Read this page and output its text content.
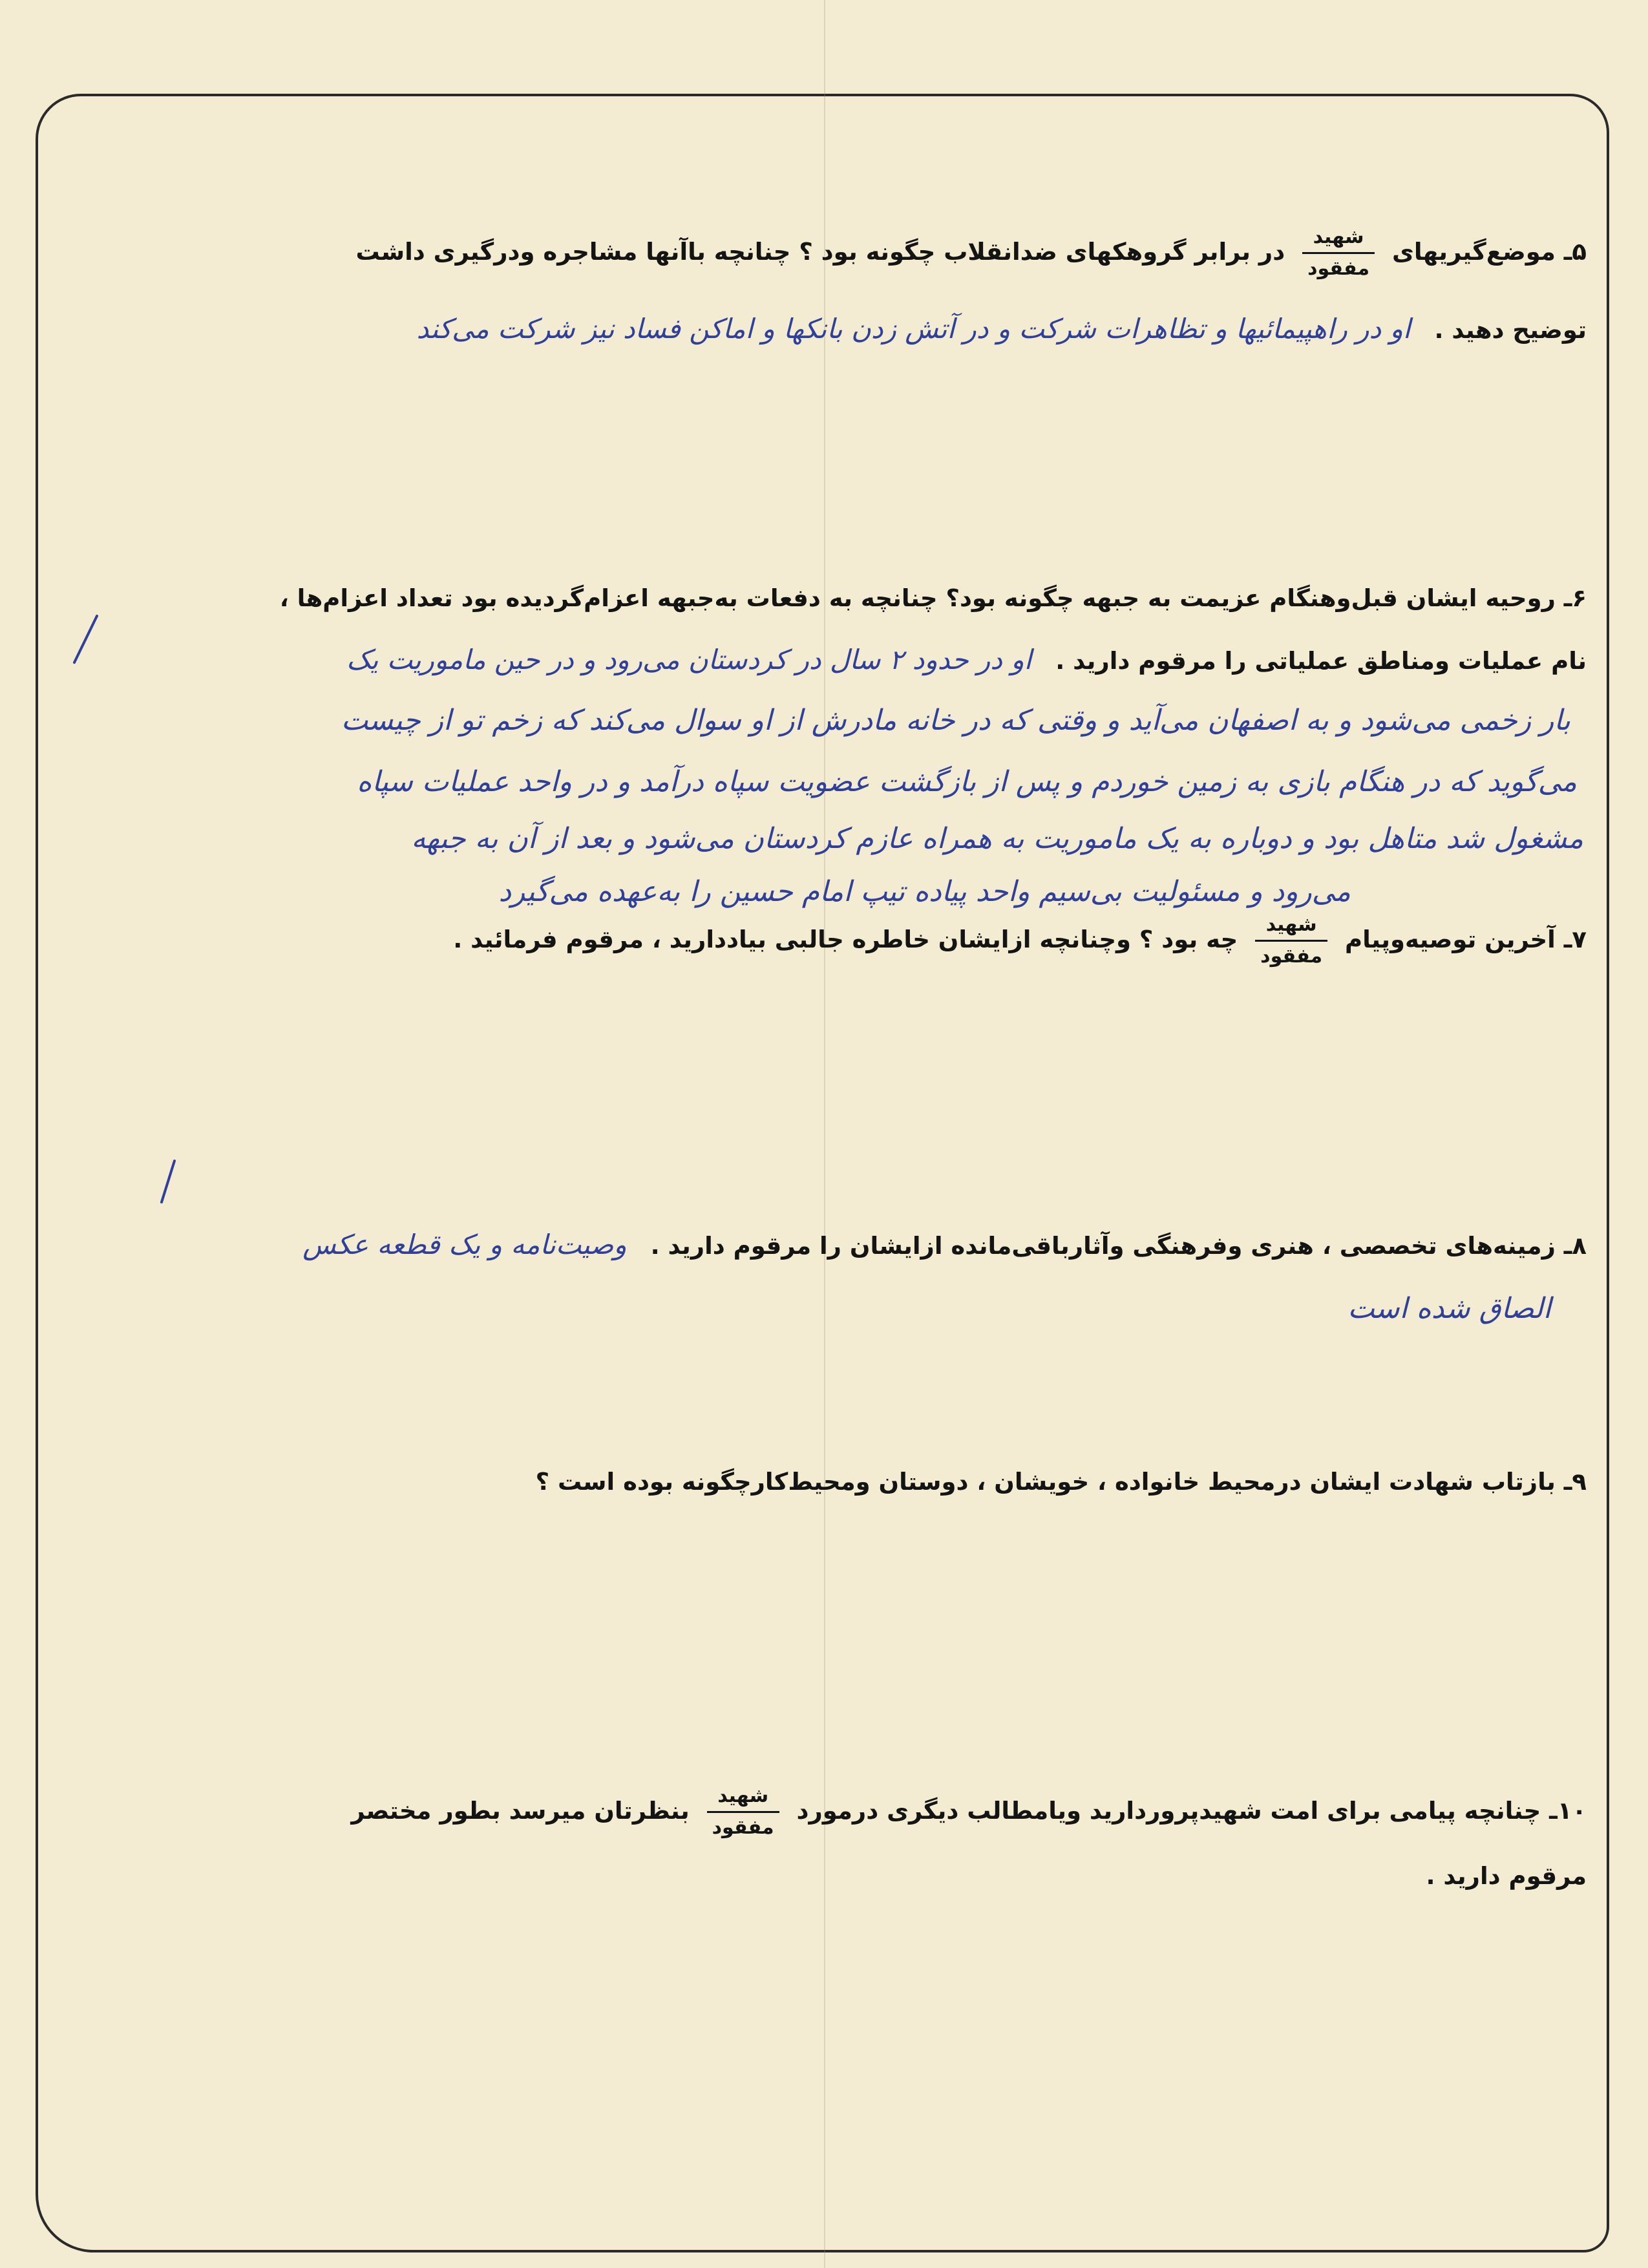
۵ـ موضع‌گیریهای
$\frac{\text{شهید}}{\text{مفقود}}$
در برابر گروهکهای ضدانقلاب چگونه بود ؟ چنانچه باآنها مشاجره ودرگیری داشت
توضیح دهید . او در راهپیمائیها و تظاهرات شرکت و در آتش زدن بانکها و اماکن فساد نیز شرکت می‌کند
۶ـ روحیه ایشان قبل‌وهنگام عزیمت به جبهه چگونه بود؟ چنانچه به دفعات به‌جبهه اعزام‌گردیده بود تعداد اعزام‌ها ،
نام عملیات ومناطق عملیاتی را مرقوم دارید . او در حدود ۲ سال در کردستان می‌رود و در حین ماموریت یک
بار زخمی می‌شود و به اصفهان می‌آید و وقتی که در خانه مادرش از او سوال می‌کند که زخم تو از چیست
می‌گوید که در هنگام بازی به زمین خوردم و پس از بازگشت عضویت سپاه درآمد و در واحد عملیات سپاه
مشغول شد متاهل بود و دوباره به یک ماموریت به همراه عازم کردستان می‌شود و بعد از آن به جبهه
می‌رود و مسئولیت بی‌سیم واحد پیاده تیپ امام حسین را به‌عهده می‌گیرد
۷ـ آخرین توصیه‌وپیام
$\frac{\text{شهید}}{\text{مفقود}}$
چه بود ؟ وچنانچه ازایشان خاطره جالبی بیاددارید ، مرقوم فرمائید .
۸ـ زمینه‌های تخصصی ، هنری وفرهنگی وآثارباقی‌مانده ازایشان را مرقوم دارید . وصیت‌نامه و یک قطعه عکس
الصاق شده است
۹ـ بازتاب شهادت ایشان درمحیط خانواده ، خویشان ، دوستان ومحیط‌کارچگونه بوده است ؟
۱۰ـ چنانچه پیامی برای امت شهیدپرورداريد ویامطالب دیگری درمورد
$\frac{\text{شهید}}{\text{مفقود}}$
بنظرتان میرسد بطور مختصر
مرقوم دارید .
